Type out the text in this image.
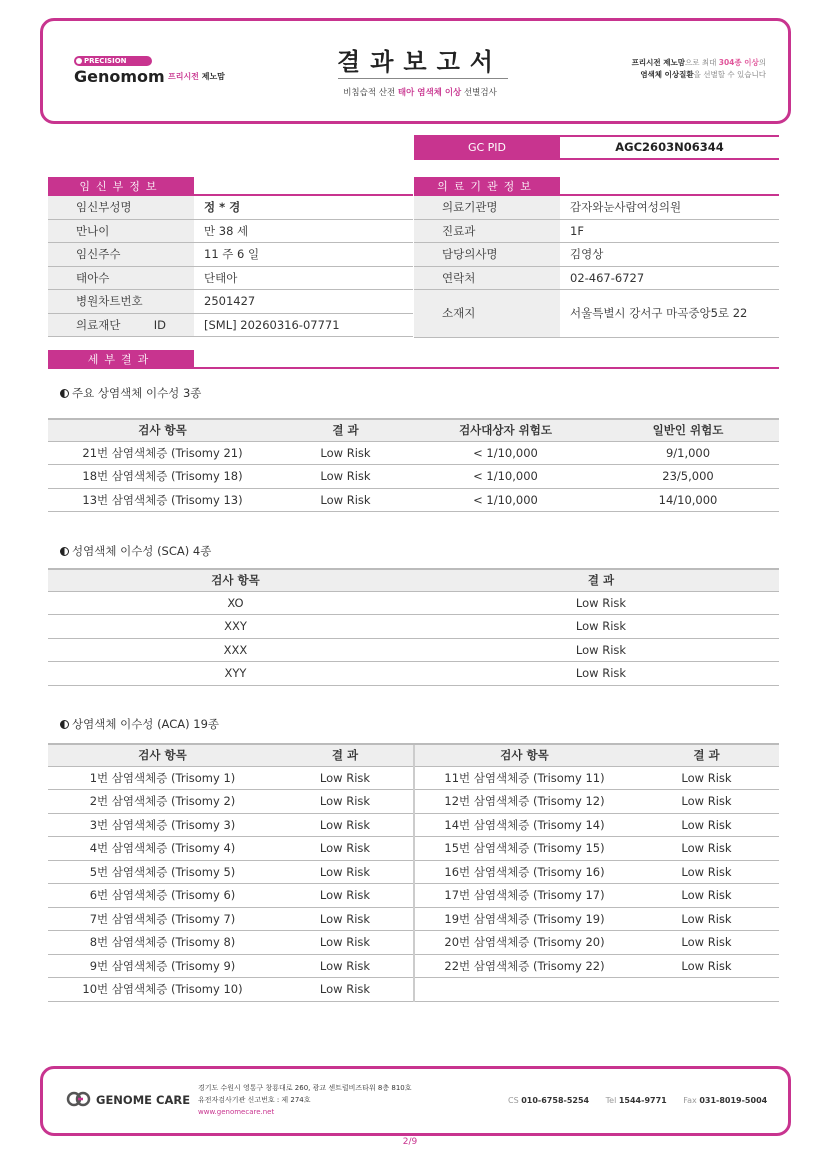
PRECISION
Genomom 프리시전 제노맘
결과보고서
비침습적 산전 태아 염색체 이상 선별검사
프리시전 제노맘으로 최대 304종 이상의
염색체 이상질환을 선별할 수 있습니다
GC PID	AGC2603N06344
임신부정보
임신부성명	정 * 경
만나이	만 38 세
임신주수	11 주 6 일
태아수	단태아
병원차트번호	2501427
의료재단 ID	[SML] 20260316-07771
의료기관정보
의료기관명	감자와눈사람여성의원
진료과	1F
담당의사명	김영상
연락처	02-467-6727
소재지	서울특별시 강서구 마곡중앙5로 22
세부결과
주요 상염색체 이수성 3종
검사 항목	결 과	검사대상자 위험도	일반인 위험도
21번 삼염색체증 (Trisomy 21)	Low Risk	< 1/10,000	9/1,000
18번 삼염색체증 (Trisomy 18)	Low Risk	< 1/10,000	23/5,000
13번 삼염색체증 (Trisomy 13)	Low Risk	< 1/10,000	14/10,000
성염색체 이수성 (SCA) 4종
검사 항목	결 과
XO	Low Risk
XXY	Low Risk
XXX	Low Risk
XYY	Low Risk
상염색체 이수성 (ACA) 19종
검사 항목	결 과	검사 항목	결 과
1번 삼염색체증 (Trisomy 1)	Low Risk	11번 삼염색체증 (Trisomy 11)	Low Risk
2번 삼염색체증 (Trisomy 2)	Low Risk	12번 삼염색체증 (Trisomy 12)	Low Risk
3번 삼염색체증 (Trisomy 3)	Low Risk	14번 삼염색체증 (Trisomy 14)	Low Risk
4번 삼염색체증 (Trisomy 4)	Low Risk	15번 삼염색체증 (Trisomy 15)	Low Risk
5번 삼염색체증 (Trisomy 5)	Low Risk	16번 삼염색체증 (Trisomy 16)	Low Risk
6번 삼염색체증 (Trisomy 6)	Low Risk	17번 삼염색체증 (Trisomy 17)	Low Risk
7번 삼염색체증 (Trisomy 7)	Low Risk	19번 삼염색체증 (Trisomy 19)	Low Risk
8번 삼염색체증 (Trisomy 8)	Low Risk	20번 삼염색체증 (Trisomy 20)	Low Risk
9번 삼염색체증 (Trisomy 9)	Low Risk	22번 삼염색체증 (Trisomy 22)	Low Risk
10번 삼염색체증 (Trisomy 10)	Low Risk		
GENOME CARE
경기도 수원시 영통구 창룡대로 260, 광교 센트럴비즈타워 8층 810호
유전자검사기관 신고번호 : 제 274호
www.genomecare.net
CS 010-6758-5254 Tel 1544-9771 Fax 031-8019-5004
2/9
